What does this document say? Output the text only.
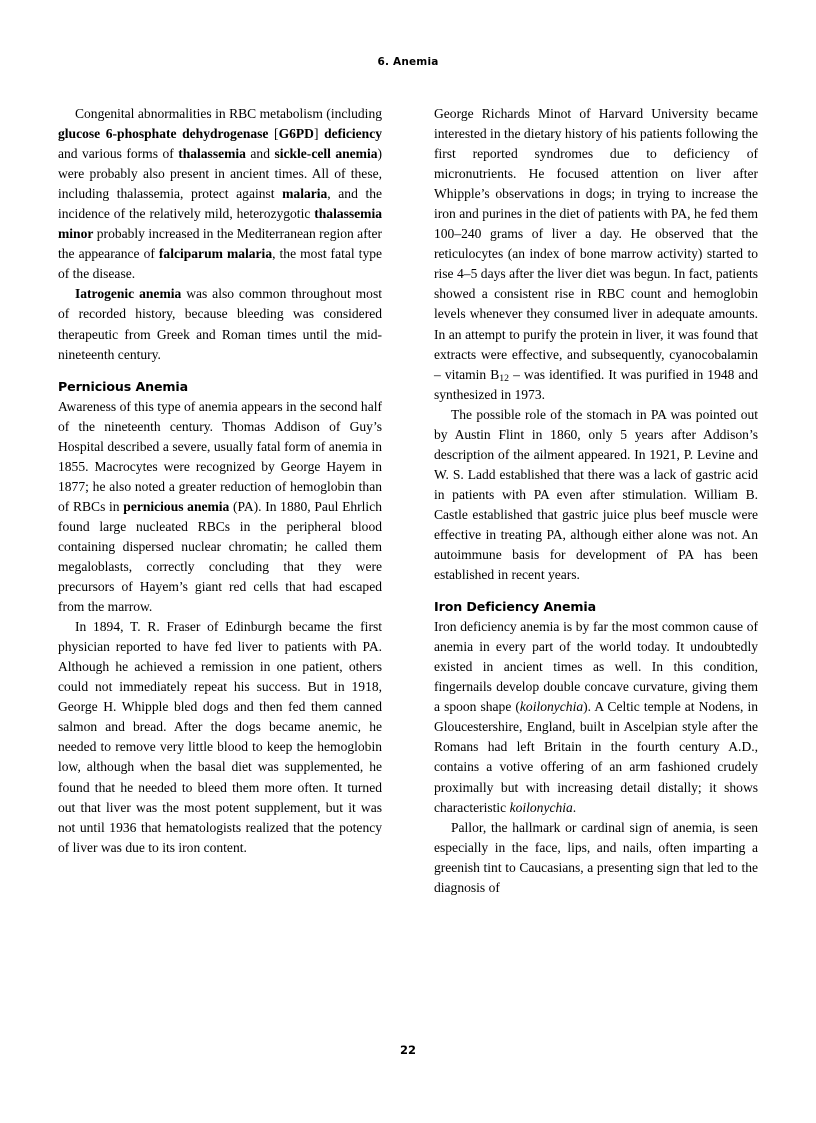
6. Anemia

Congenital abnormalities in RBC metabolism (including glucose 6-phosphate dehydrogenase [G6PD] deficiency and various forms of thalassemia and sickle-cell anemia) were probably also present in ancient times. All of these, including thalassemia, protect against malaria, and the incidence of the relatively mild, heterozygotic thalassemia minor probably increased in the Mediterranean region after the appearance of falciparum malaria, the most fatal type of the disease.

Iatrogenic anemia was also common throughout most of recorded history, because bleeding was considered therapeutic from Greek and Roman times until the mid-nineteenth century.

Pernicious Anemia

Awareness of this type of anemia appears in the second half of the nineteenth century. Thomas Addison of Guy’s Hospital described a severe, usually fatal form of anemia in 1855. Macrocytes were recognized by George Hayem in 1877; he also noted a greater reduction of hemoglobin than of RBCs in pernicious anemia (PA). In 1880, Paul Ehrlich found large nucleated RBCs in the peripheral blood containing dispersed nuclear chromatin; he called them megaloblasts, correctly concluding that they were precursors of Hayem’s giant red cells that had escaped from the marrow.

In 1894, T. R. Fraser of Edinburgh became the first physician reported to have fed liver to patients with PA. Although he achieved a remission in one patient, others could not immediately repeat his success. But in 1918, George H. Whipple bled dogs and then fed them canned salmon and bread. After the dogs became anemic, he needed to remove very little blood to keep the hemoglobin low, although when the basal diet was supplemented, he found that he needed to bleed them more often. It turned out that liver was the most potent supplement, but it was not until 1936 that hematologists realized that the potency of liver was due to its iron content.

George Richards Minot of Harvard University became interested in the dietary history of his patients following the first reported syndromes due to deficiency of micronutrients. He focused attention on liver after Whipple’s observations in dogs; in trying to increase the iron and purines in the diet of patients with PA, he fed them 100–240 grams of liver a day. He observed that the reticulocytes (an index of bone marrow activity) started to rise 4–5 days after the liver diet was begun. In fact, patients showed a consistent rise in RBC count and hemoglobin levels whenever they consumed liver in adequate amounts. In an attempt to purify the protein in liver, it was found that extracts were effective, and subsequently, cyanocobalamin – vitamin $B_{12}$ – was identified. It was purified in 1948 and synthesized in 1973.

The possible role of the stomach in PA was pointed out by Austin Flint in 1860, only 5 years after Addison’s description of the ailment appeared. In 1921, P. Levine and W. S. Ladd established that there was a lack of gastric acid in patients with PA even after stimulation. William B. Castle established that gastric juice plus beef muscle were effective in treating PA, although either alone was not. An autoimmune basis for development of PA has been established in recent years.

Iron Deficiency Anemia

Iron deficiency anemia is by far the most common cause of anemia in every part of the world today. It undoubtedly existed in ancient times as well. In this condition, fingernails develop double concave curvature, giving them a spoon shape (koilonychia). A Celtic temple at Nodens, in Gloucestershire, England, built in Ascelpian style after the Romans had left Britain in the fourth century A.D., contains a votive offering of an arm fashioned crudely proximally but with increasing detail distally; it shows characteristic koilonychia.

Pallor, the hallmark or cardinal sign of anemia, is seen especially in the face, lips, and nails, often imparting a greenish tint to Caucasians, a presenting sign that led to the diagnosis of

22
